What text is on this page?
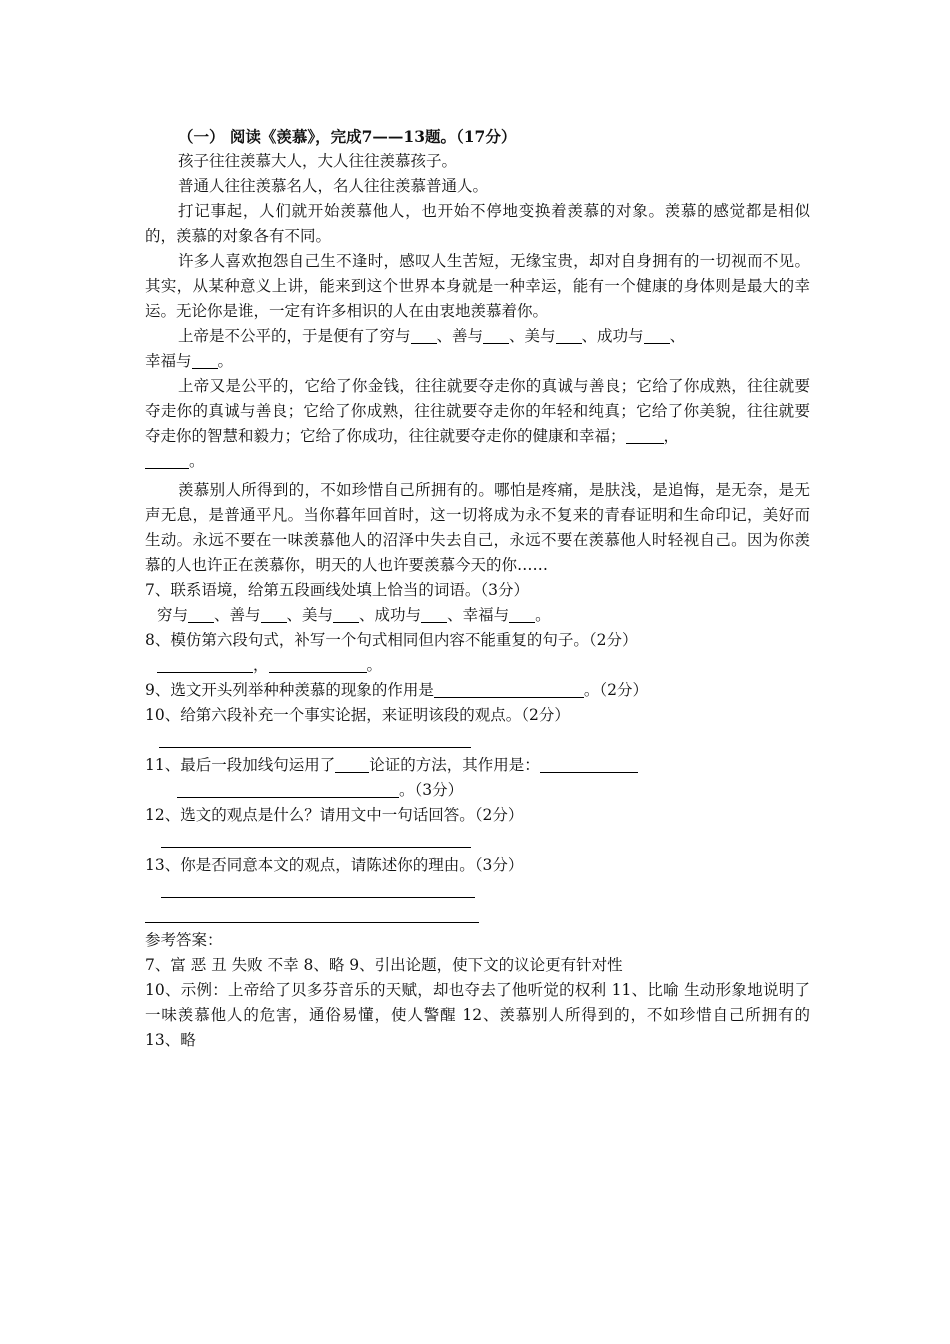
（一） 阅读《羡慕》，完成7——13题。（17分）
孩子往往羡慕大人，大人往往羡慕孩子。
普通人往往羡慕名人，名人往往羡慕普通人。
打记事起，人们就开始羡慕他人，也开始不停地变换着羡慕的对象。羡慕的感觉都是相似的，羡慕的对象各有不同。
许多人喜欢抱怨自己生不逢时，感叹人生苦短，无缘宝贵，却对自身拥有的一切视而不见。其实，从某种意义上讲，能来到这个世界本身就是一种幸运，能有一个健康的身体则是最大的幸运。无论你是谁，一定有许多相识的人在由衷地羡慕着你。
上帝是不公平的，于是便有了穷与 、善与 、美与 、成功与 、
幸福与 。
上帝又是公平的，它给了你金钱，往往就要夺走你的真诚与善良；它给了你成熟，往往就要夺走你的真诚与善良；它给了你成熟，往往就要夺走你的年轻和纯真；它给了你美貌，往往就要夺走你的智慧和毅力；它给了你成功，往往就要夺走你的健康和幸福； ，
。
羡慕别人所得到的，不如珍惜自己所拥有的。哪怕是疼痛，是肤浅，是追悔，是无奈，是无声无息，是普通平凡。当你暮年回首时，这一切将成为永不复来的青春证明和生命印记，美好而生动。永远不要在一味羡慕他人的沼泽中失去自己，永远不要在羡慕他人时轻视自己。因为你羡慕的人也许正在羡慕你，明天的人也许要羡慕今天的你……
7、联系语境，给第五段画线处填上恰当的词语。（3分）
穷与 、善与 、美与 、成功与 、幸福与 。
8、模仿第六段句式，补写一个句式相同但内容不能重复的句子。（2分）
，	。
9、选文开头列举种种羡慕的现象的作用是	。（2分）
10、给第六段补充一个事实论据，来证明该段的观点。（2分）
11、最后一段加线句运用了 论证的方法，其作用是：
。（3分）
12、选文的观点是什么？请用文中一句话回答。（2分）
13、你是否同意本文的观点，请陈述你的理由。（3分）
参考答案：
7、富 恶 丑 失败 不幸 8、略 9、引出论题，使下文的议论更有针对性
10、示例：上帝给了贝多芬音乐的天赋，却也夺去了他听觉的权利 11、比喻 生动形象地说明了一味羡慕他人的危害，通俗易懂，使人警醒 12、羡慕别人所得到的，不如珍惜自己所拥有的 13、略
